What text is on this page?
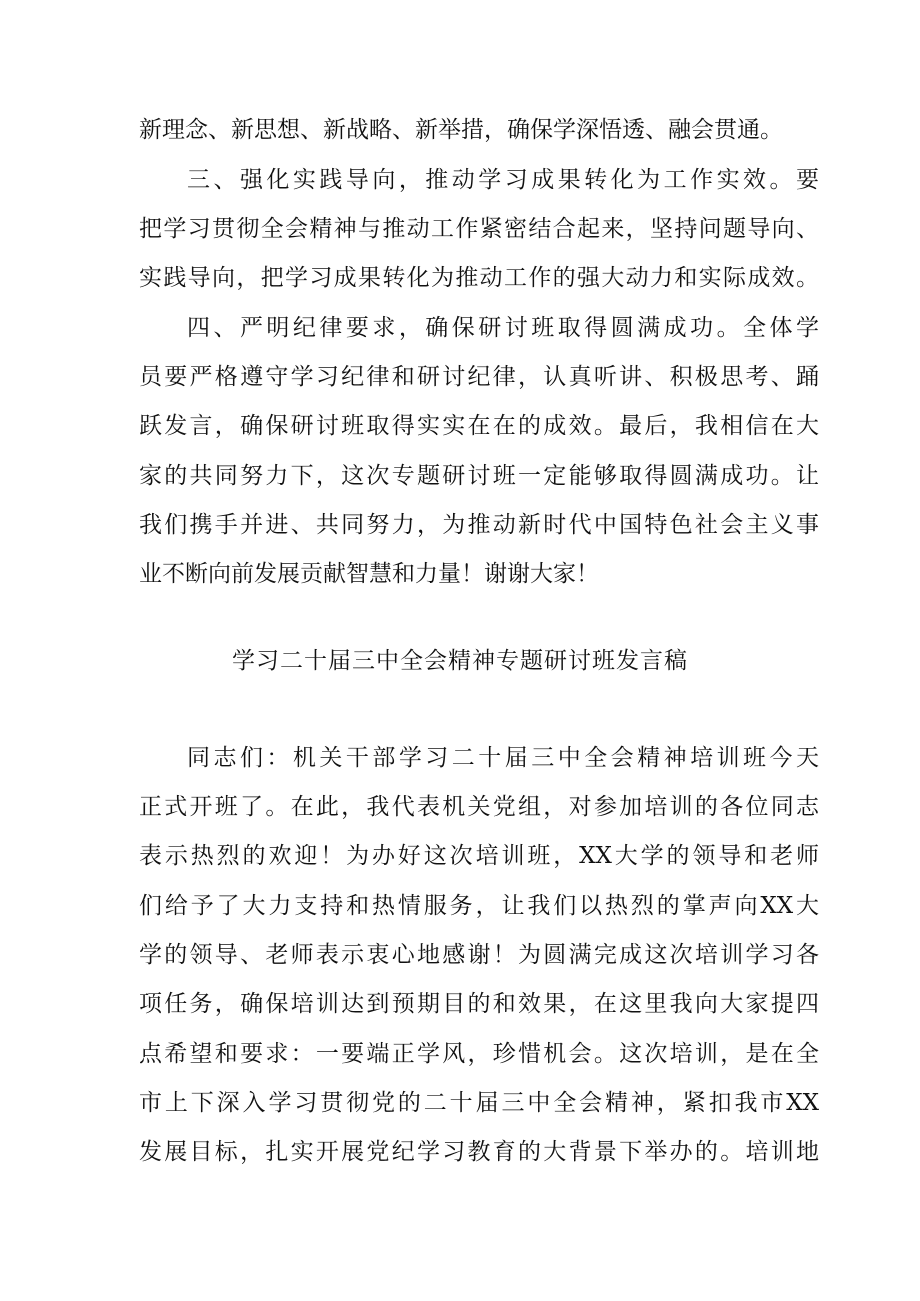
新理念、新思想、新战略、新举措，确保学深悟透、融会贯通。
三、强化实践导向，推动学习成果转化为工作实效。要
把学习贯彻全会精神与推动工作紧密结合起来，坚持问题导向、
实践导向，把学习成果转化为推动工作的强大动力和实际成效。
四、严明纪律要求，确保研讨班取得圆满成功。全体学
员要严格遵守学习纪律和研讨纪律，认真听讲、积极思考、踊
跃发言，确保研讨班取得实实在在的成效。最后，我相信在大
家的共同努力下，这次专题研讨班一定能够取得圆满成功。让
我们携手并进、共同努力，为推动新时代中国特色社会主义事
业不断向前发展贡献智慧和力量！谢谢大家！
学习二十届三中全会精神专题研讨班发言稿
同志们：机关干部学习二十届三中全会精神培训班今天
正式开班了。在此，我代表机关党组，对参加培训的各位同志
表示热烈的欢迎！为办好这次培训班，XX大学的领导和老师
们给予了大力支持和热情服务，让我们以热烈的掌声向XX大
学的领导、老师表示衷心地感谢！为圆满完成这次培训学习各
项任务，确保培训达到预期目的和效果，在这里我向大家提四
点希望和要求：一要端正学风，珍惜机会。这次培训，是在全
市上下深入学习贯彻党的二十届三中全会精神，紧扣我市XX
发展目标，扎实开展党纪学习教育的大背景下举办的。培训地
